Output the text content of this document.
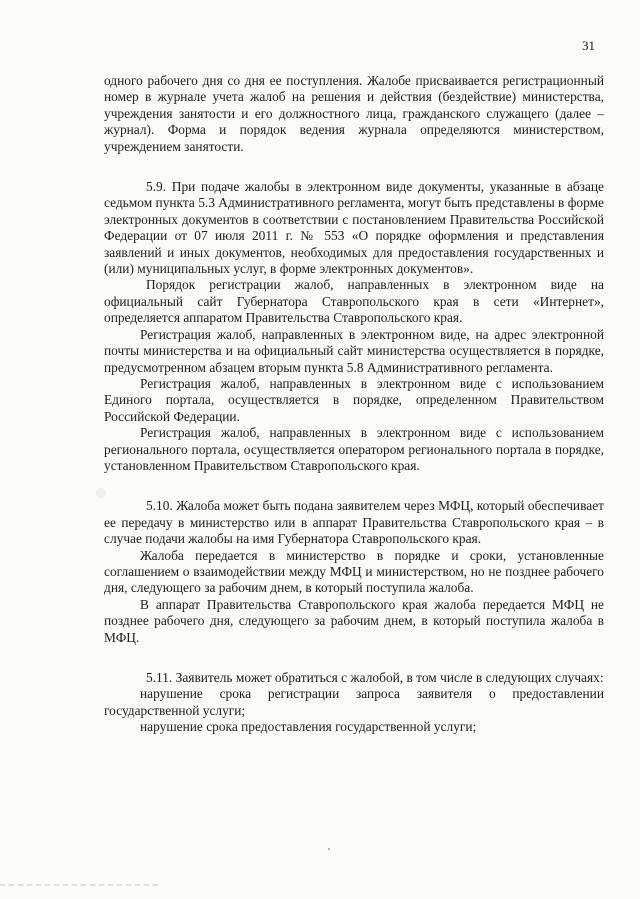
31

одного рабочего дня со дня ее поступления. Жалобе присваивается регистрационный номер в журнале учета жалоб на решения и действия (бездействие) министерства, учреждения занятости и его должностного лица, гражданского служащего (далее – журнал). Форма и порядок ведения журнала определяются министерством, учреждением занятости.

5.9. При подаче жалобы в электронном виде документы, указанные в абзаце седьмом пункта 5.3 Административного регламента, могут быть представлены в форме электронных документов в соответствии с постановлением Правительства Российской Федерации от 07 июля 2011 г. № 553 «О порядке оформления и представления заявлений и иных документов, необходимых для предоставления государственных и (или) муниципальных услуг, в форме электронных документов».

Порядок регистрации жалоб, направленных в электронном виде на официальный сайт Губернатора Ставропольского края в сети «Интернет», определяется аппаратом Правительства Ставропольского края.

Регистрация жалоб, направленных в электронном виде, на адрес электронной почты министерства и на официальный сайт министерства осуществляется в порядке, предусмотренном абзацем вторым пункта 5.8 Административного регламента.

Регистрация жалоб, направленных в электронном виде с использованием Единого портала, осуществляется в порядке, определенном Правительством Российской Федерации.

Регистрация жалоб, направленных в электронном виде с использованием регионального портала, осуществляется оператором регионального портала в порядке, установленном Правительством Ставропольского края.

5.10. Жалоба может быть подана заявителем через МФЦ, который обеспечивает ее передачу в министерство или в аппарат Правительства Ставропольского края – в случае подачи жалобы на имя Губернатора Ставропольского края.

Жалоба передается в министерство в порядке и сроки, установленные соглашением о взаимодействии между МФЦ и министерством, но не позднее рабочего дня, следующего за рабочим днем, в который поступила жалоба.

В аппарат Правительства Ставропольского края жалоба передается МФЦ не позднее рабочего дня, следующего за рабочим днем, в который поступила жалоба в МФЦ.

5.11. Заявитель может обратиться с жалобой, в том числе в следующих случаях:

нарушение срока регистрации запроса заявителя о предоставлении государственной услуги;

нарушение срока предоставления государственной услуги;
